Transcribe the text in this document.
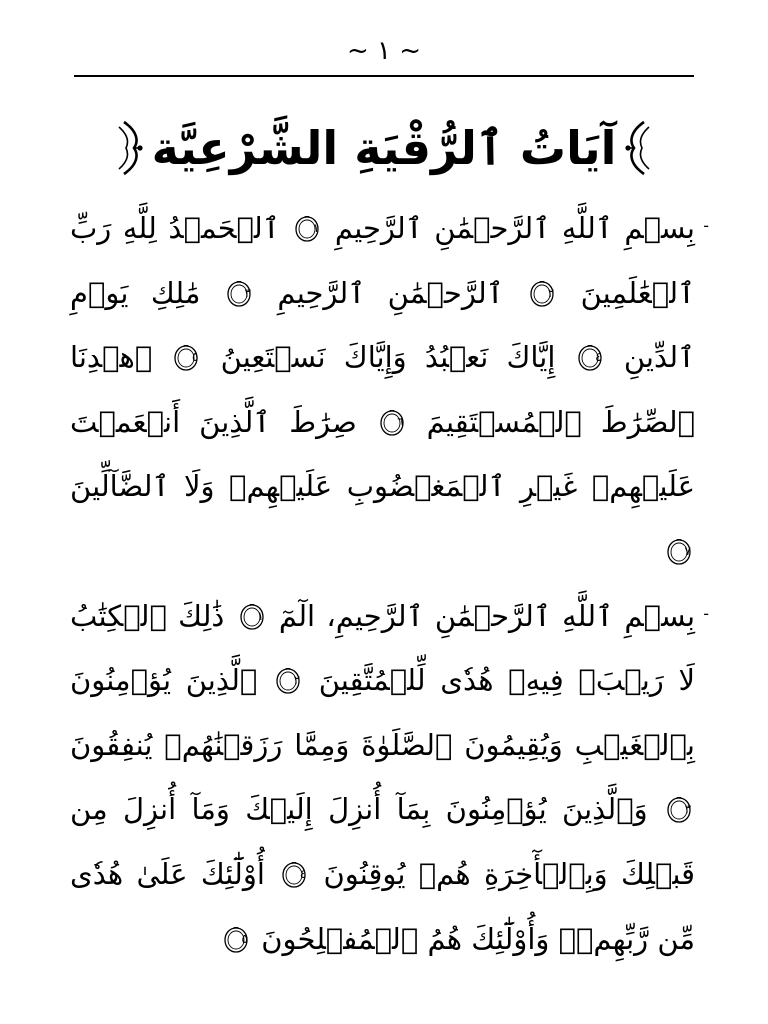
~ ١ ~
آيَاتُ ٱلرُّقْيَةِ الشَّرْعِيَّة

-
بِسۡمِ ٱللَّهِ ٱلرَّحۡمَٰنِ ٱلرَّحِيمِ
١
ٱلۡحَمۡدُ لِلَّهِ رَبِّ ٱلۡعَٰلَمِينَ
٢
ٱلرَّحۡمَٰنِ ٱلرَّحِيمِ
٣
مَٰلِكِ يَوۡمِ ٱلدِّينِ
٤
إِيَّاكَ نَعۡبُدُ وَإِيَّاكَ نَسۡتَعِينُ
٥
ٱهۡدِنَا ٱلصِّرَٰطَ ٱلۡمُسۡتَقِيمَ
٦
صِرَٰطَ ٱلَّذِينَ أَنۡعَمۡتَ عَلَيۡهِمۡ غَيۡرِ ٱلۡمَغۡضُوبِ عَلَيۡهِمۡ وَلَا ٱلضَّآلِّينَ
٧

-
بِسۡمِ ٱللَّهِ ٱلرَّحۡمَٰنِ ٱلرَّحِيمِ، الٓمٓ
١
ذَٰلِكَ ٱلۡكِتَٰبُ لَا رَيۡبَۛ فِيهِۛ هُدٗى لِّلۡمُتَّقِينَ
٢
ٱلَّذِينَ يُؤۡمِنُونَ بِٱلۡغَيۡبِ وَيُقِيمُونَ ٱلصَّلَوٰةَ وَمِمَّا رَزَقۡنَٰهُمۡ يُنفِقُونَ
٣
وَٱلَّذِينَ يُؤۡمِنُونَ بِمَآ أُنزِلَ إِلَيۡكَ وَمَآ أُنزِلَ مِن قَبۡلِكَ وَبِٱلۡأٓخِرَةِ هُمۡ يُوقِنُونَ
٤
أُوْلَٰٓئِكَ عَلَىٰ هُدٗى مِّن رَّبِّهِمۡۖ وَأُوْلَٰٓئِكَ هُمُ ٱلۡمُفۡلِحُونَ
٥
